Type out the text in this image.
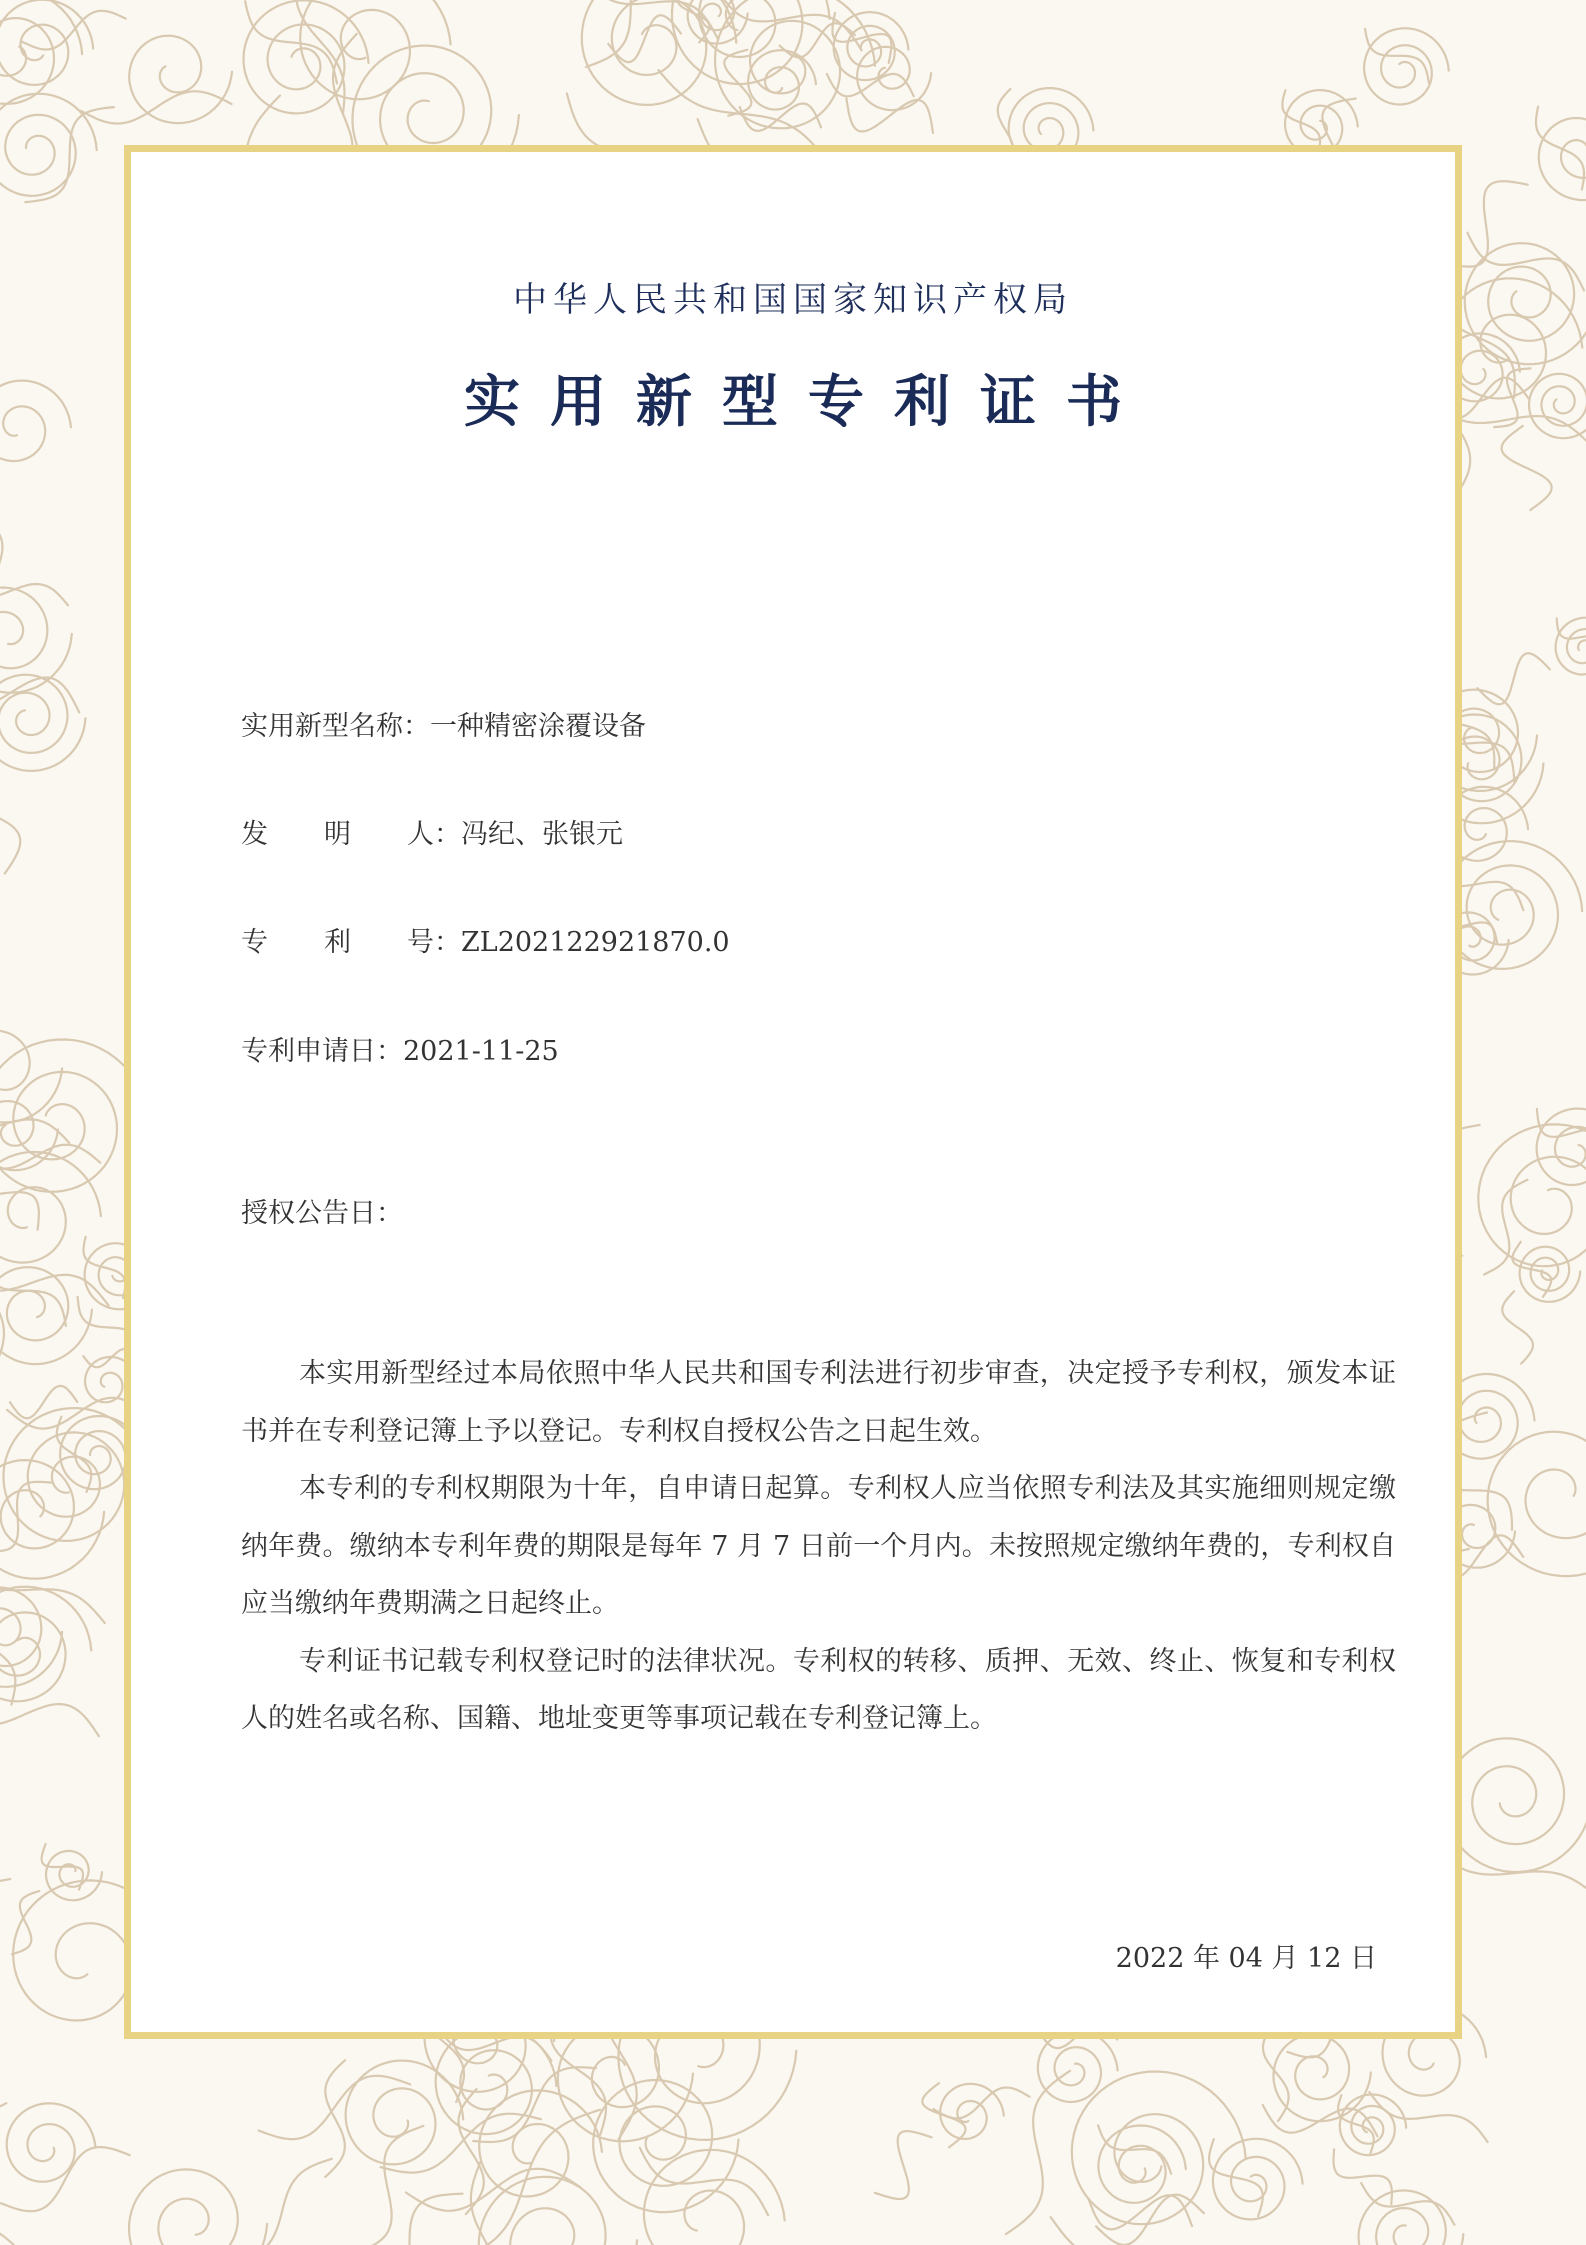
中华人民共和国国家知识产权局
实用新型专利证书
实用新型名称：一种精密涂覆设备
发 明 人 ：冯纪、张银元
专 利 号 ：ZL202122921870.0
专利申请日：2021-11-25
授权公告日：

本实用新型经过本局依照中华人民共和国专利法进行初步审查，决定授予专利权，颁发本证书并在专利登记簿上予以登记。专利权自授权公告之日起生效。

本专利的专利权期限为十年，自申请日起算。专利权人应当依照专利法及其实施细则规定缴纳年费。缴纳本专利年费的期限是每年 7 月 7 日前一个月内。未按照规定缴纳年费的，专利权自应当缴纳年费期满之日起终止。

专利证书记载专利权登记时的法律状况。专利权的转移、质押、无效、终止、恢复和专利权人的姓名或名称、国籍、地址变更等事项记载在专利登记簿上。

2022 年 04 月 12 日
